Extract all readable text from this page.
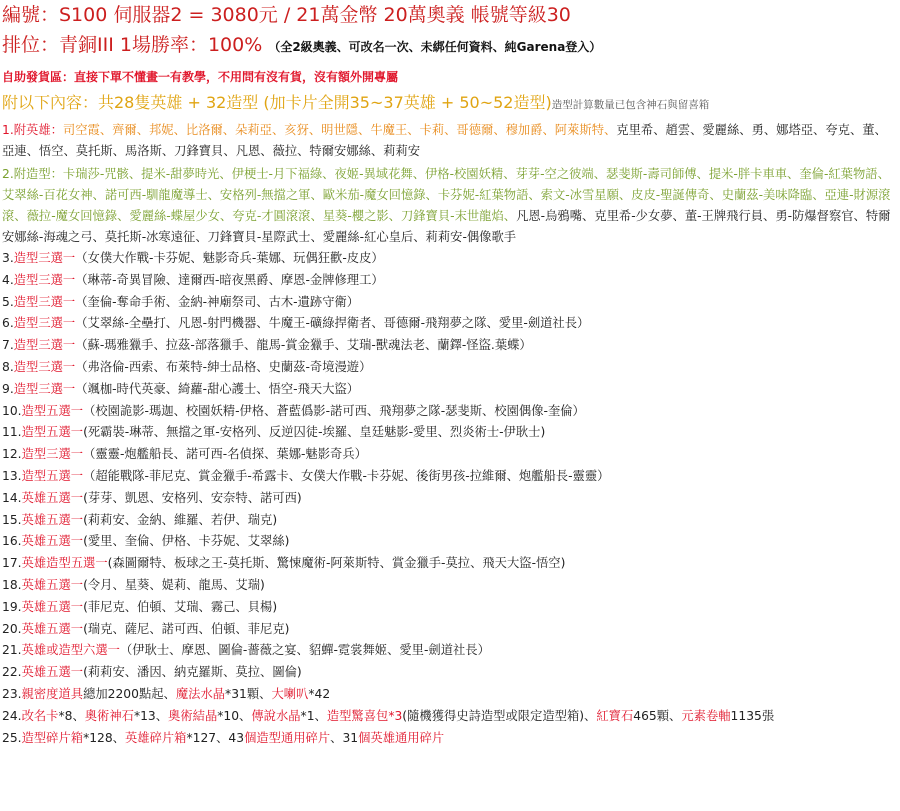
編號：S100 伺服器2 = 3080元 / 21萬金幣 20萬奧義 帳號等級30
排位：青銅III 1場勝率：100% （全2級奧義、可改名一次、未綁任何資料、純Garena登入）
自助發貨區：直接下單不懂畫一有教學，不用問有沒有貨，沒有額外開專屬
附以下內容：共28隻英雄 + 32造型 (加卡片全開35~37英雄 + 50~52造型)造型計算數量已包含神石與留喜箱
1.附英雄：司空霞、齊爾、邦妮、比洛爾、朵莉亞、亥犽、明世隱、牛魔王、卡莉、哥德爾、穆加爵、阿萊斯特、克里希、趙雲、愛麗絲、勇、娜塔亞、夸克、董、亞連、悟空、莫托斯、馬洛斯、刀鋒寶貝、凡恩、薇拉、特爾安娜絲、莉莉安
2.附造型：卡瑞莎-咒骸、提米-甜夢時光、伊梗士-月下福綠、夜姬-異域花舞、伊格-校園妖精、芽芽-空之彼端、瑟斐斯-壽司師傅、提米-胖卡車車、奎倫-紅葉物語、艾翠絲-百花女神、諾可西-馴龍魔導士、安格列-無擋之軍、歐米茄-魔女回憶錄、卡芬妮-紅葉物語、索文-冰雪星願、皮皮-聖誕傳奇、史蘭茲-美味降臨、亞連-財源滾滾、薇拉-魔女回憶錄、愛麗絲-蝶屋少女、夸克-才圓滾滾、星葵-櫻之影、刀鋒寶貝-末世龍焰、凡恩-烏鴉嘴、克里希-少女夢、董-王牌飛行員、勇-防爆督察官、特爾安娜絲-海魂之弓、莫托斯-冰寒遠征、刀鋒寶貝-星際武士、愛麗絲-紅心皇后、莉莉安-偶像歌手
3.造型三選一（女僕大作戰-卡芬妮、魅影奇兵-葉娜、玩偶狂歡-皮皮）
4.造型三選一（琳蒂-奇異冒險、達爾西-暗夜黑爵、摩恩-金牌修理工）
5.造型三選一（奎倫-奪命手術、金納-神廟祭司、古木-遺跡守衛）
6.造型三選一（艾翠絲-全壘打、凡恩-射門機器、牛魔王-礦綠捍衛者、哥德爾-飛翔夢之隊、愛里-劍道社長）
7.造型三選一（蘇-瑪雅獵手、拉茲-部落獵手、龍馬-賞金獵手、艾瑞-獸魂法老、蘭鐸-怪盜.葉蝶）
8.造型三選一（弗洛倫-西索、布萊特-紳士品格、史蘭茲-奇境漫遊）
9.造型三選一（颯枷-時代英豪、綺蘿-甜心護士、悟空-飛天大盜）
10.造型五選一（校園詭影-瑪迦、校園妖精-伊格、蒼藍僞影-諾可西、飛翔夢之隊-瑟斐斯、校園偶像-奎倫）
11.造型五選一(死霸裝-琳蒂、無擋之軍-安格列、反逆囚徒-埃羅、皇廷魅影-愛里、烈炎術士-伊耿士)
12.造型三選一（靈靈-炮艦船長、諾可西-名偵探、葉娜-魅影奇兵）
13.造型五選一（超能戰隊-菲尼克、賞金獵手-希露卡、女僕大作戰-卡芬妮、後街男孩-拉維爾、炮艦船長-靈靈）
14.英雄五選一(芽芽、凱恩、安格列、安奈特、諾可西)
15.英雄五選一(莉莉安、金納、維羅、若伊、瑞克)
16.英雄五選一(愛里、奎倫、伊格、卡芬妮、艾翠絲)
17.英雄造型五選一(森圖爾特、板球之王-莫托斯、驚悚魔術-阿萊斯特、賞金獵手-莫拉、飛天大盜-悟空)
18.英雄五選一(令月、星葵、媞莉、龍馬、艾瑞)
19.英雄五選一(菲尼克、伯頓、艾瑞、霧己、貝楊)
20.英雄五選一(瑞克、薩尼、諾可西、伯頓、菲尼克)
21.英雄或造型六選一（伊耿士、摩恩、圖倫-薔薇之宴、貂蟬-霓裳舞姬、愛里-劍道社長）
22.英雄五選一(莉莉安、潘因、納克羅斯、莫拉、圖倫)
23.親密度道具總加2200點起、魔法水晶*31顆、大喇叭*42
24.改名卡*8、奧術神石*13、奧術結晶*10、傳說水晶*1、造型驚喜包*3(隨機獲得史詩造型或限定造型箱)、紅寶石465顆、元素卷軸1135張
25.造型碎片箱*128、英雄碎片箱*127、43個造型通用碎片、31個英雄通用碎片
